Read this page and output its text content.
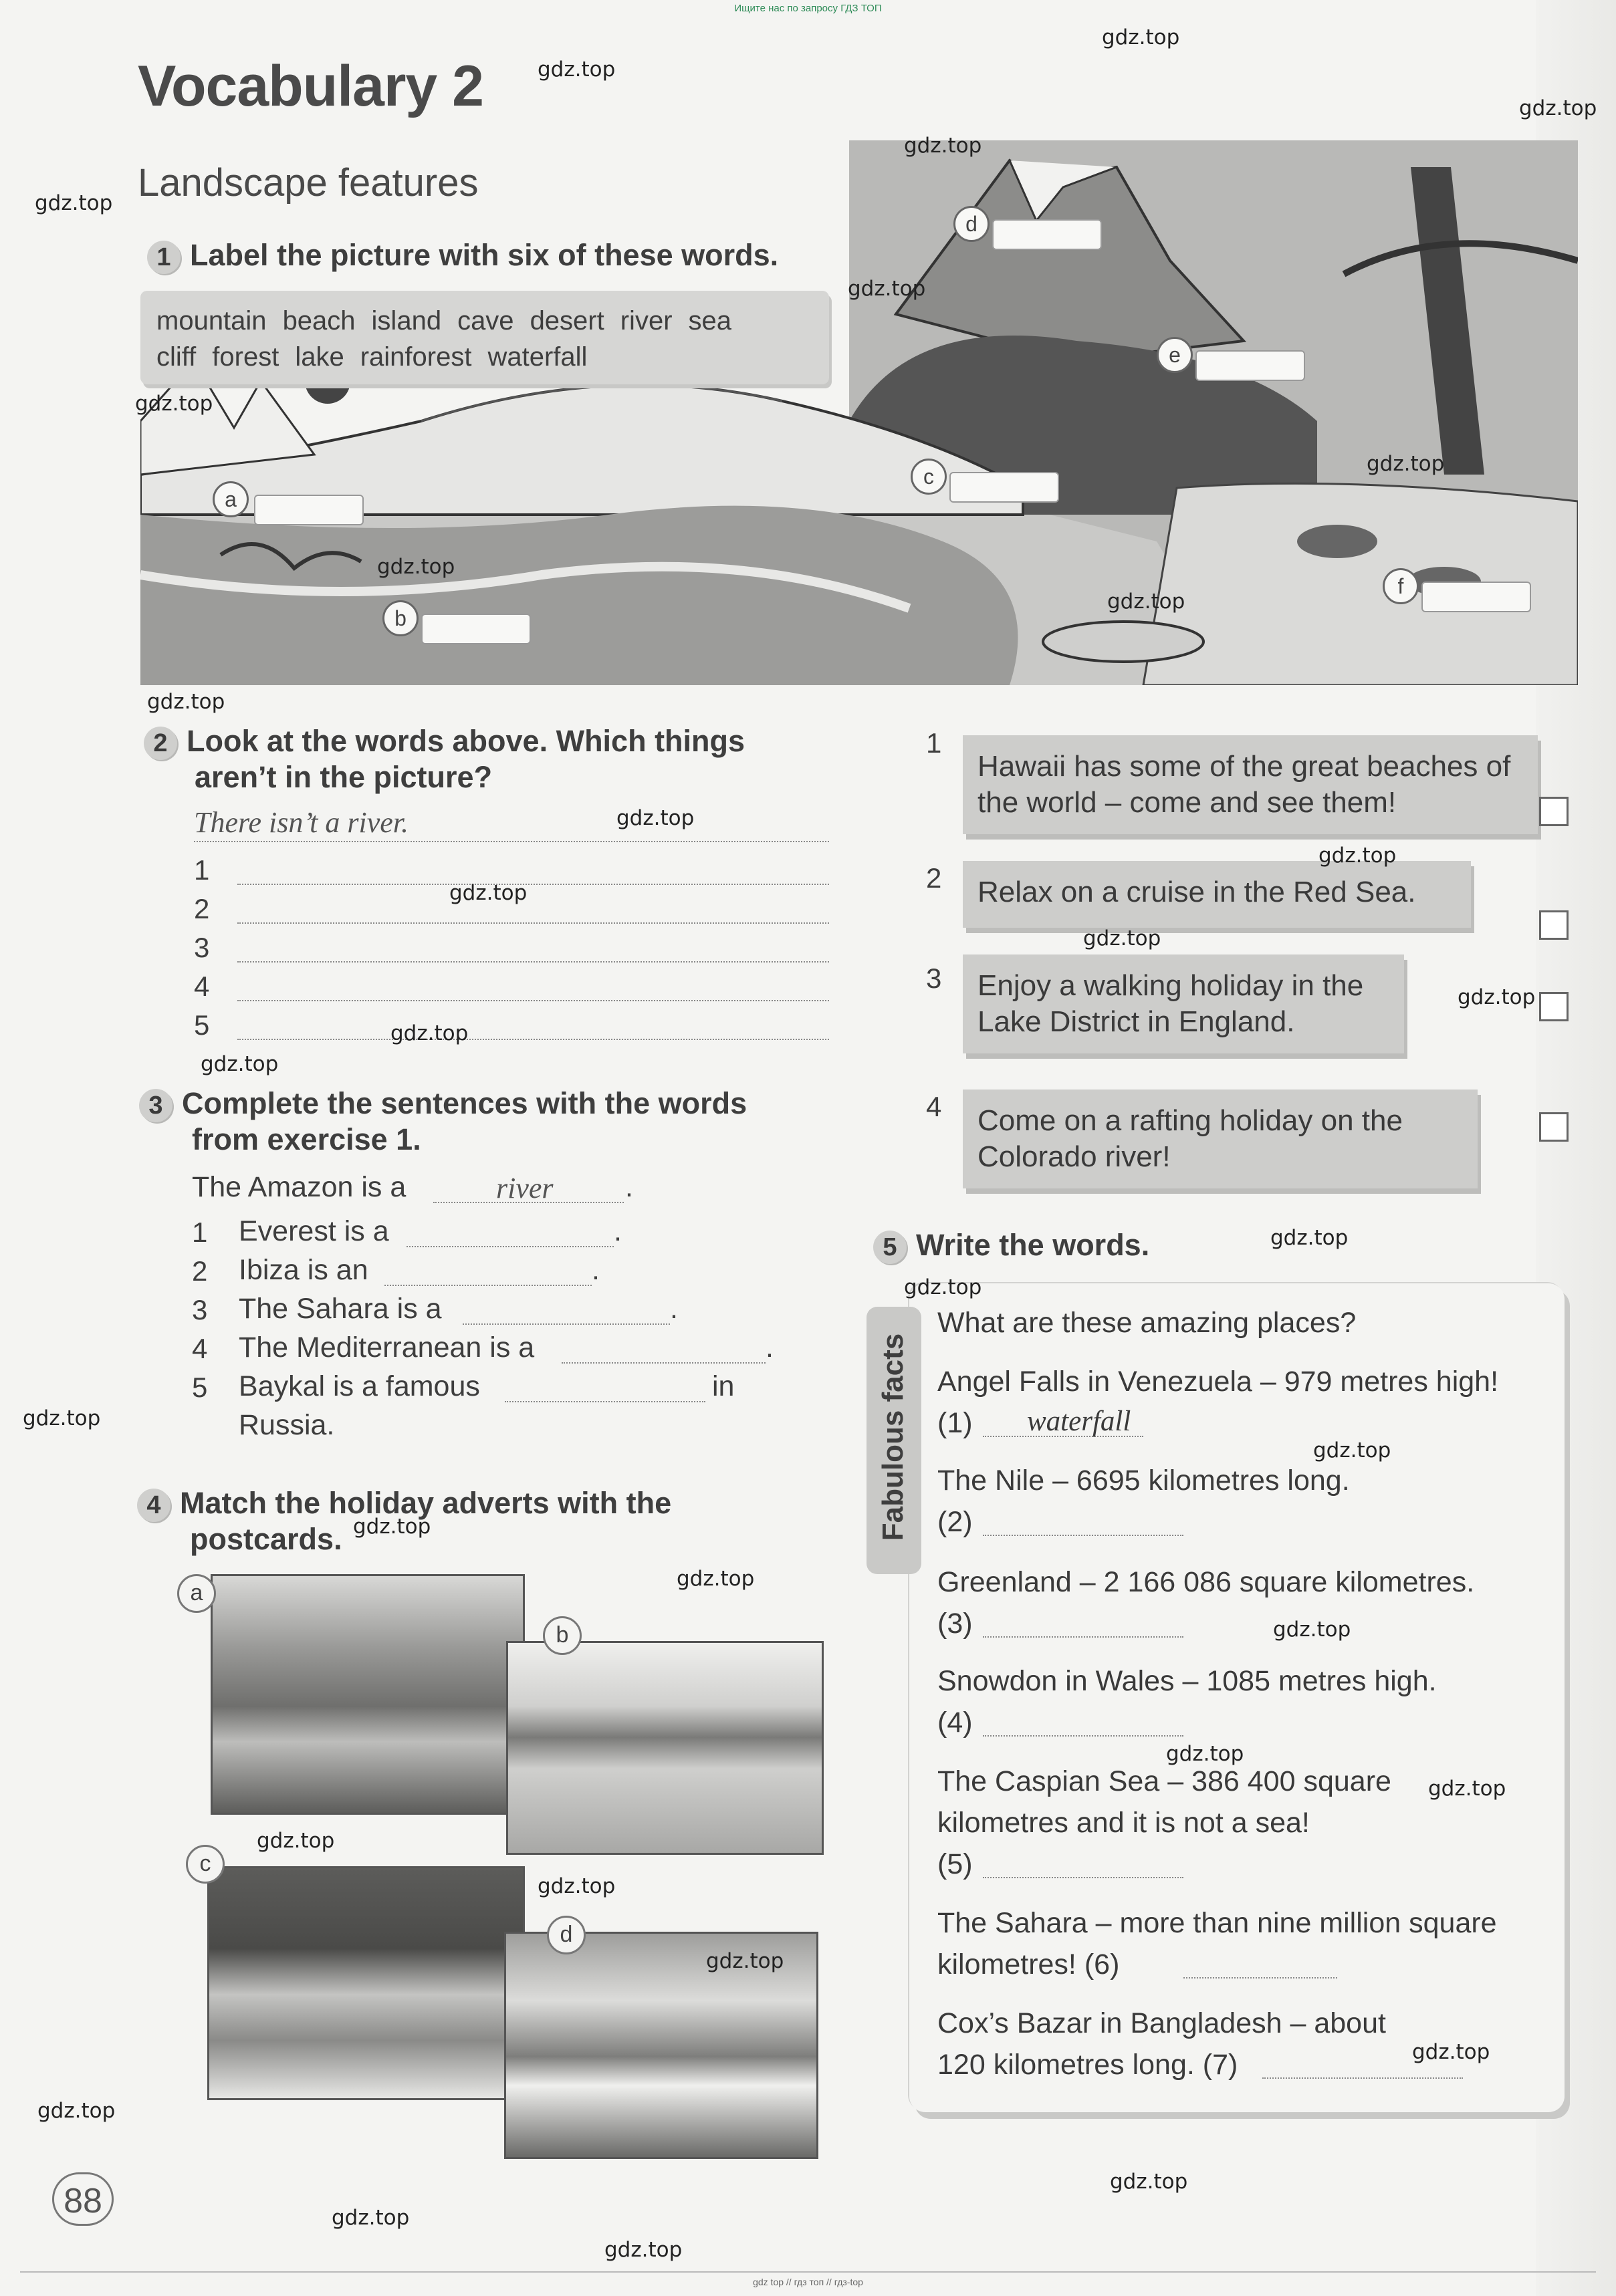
Ищите нас по запросу ГДЗ ТОП
Vocabulary 2
Landscape features
a
b
c
d
e
f
1 Label the picture with six of these words.
mountain beach island cave desert river sea
cliff forest lake rainforest waterfall
2 Look at the words above. Which things
aren’t in the picture?
There isn’t a river.
1
2
3
4
5
3 Complete the sentences with the words
from exercise 1.
The Amazon is a	river .
1 Everest is a	.
2 Ibiza is an	.
3 The Sahara is a	.
4 The Mediterranean is a	.
5 Baykal is a famous	in
Russia.
4 Match the holiday adverts with the
postcards.
a
b
c
d
1
Hawaii has some of the great beaches of the world – come and see them!
2	Relax on a cruise in the Red Sea.
3	Enjoy a walking holiday in the Lake District in England.
4	Come on a rafting holiday on the Colorado river!
5 Write the words.
Fabulous facts
What are these amazing places?
Angel Falls in Venezuela – 979 metres high!
(1) waterfall
The Nile – 6695 kilometres long.
(2)
Greenland – 2 166 086 square kilometres.
(3)
Snowdon in Wales – 1085 metres high.
(4)
The Caspian Sea – 386 400 square
kilometres and it is not a sea!
(5)
The Sahara – more than nine million square
kilometres! (6)
Cox’s Bazar in Bangladesh – about
120 kilometres long. (7)
88
gdz.top
gdz.top
gdz.top
gdz.top
gdz.top
gdz.top
gdz.top
gdz.top
gdz.top
gdz.top
gdz.top
gdz.top
gdz.top
gdz.top
gdz.top
gdz.top
gdz.top
gdz.top
gdz.top
gdz.top
gdz.top
gdz.top
gdz.top
gdz.top
gdz.top
gdz.top
gdz.top
gdz.top
gdz.top
gdz.top
gdz.top
gdz.top
gdz.top
gdz.top
gdz.top
gdz top // гдз топ // гдз-top
